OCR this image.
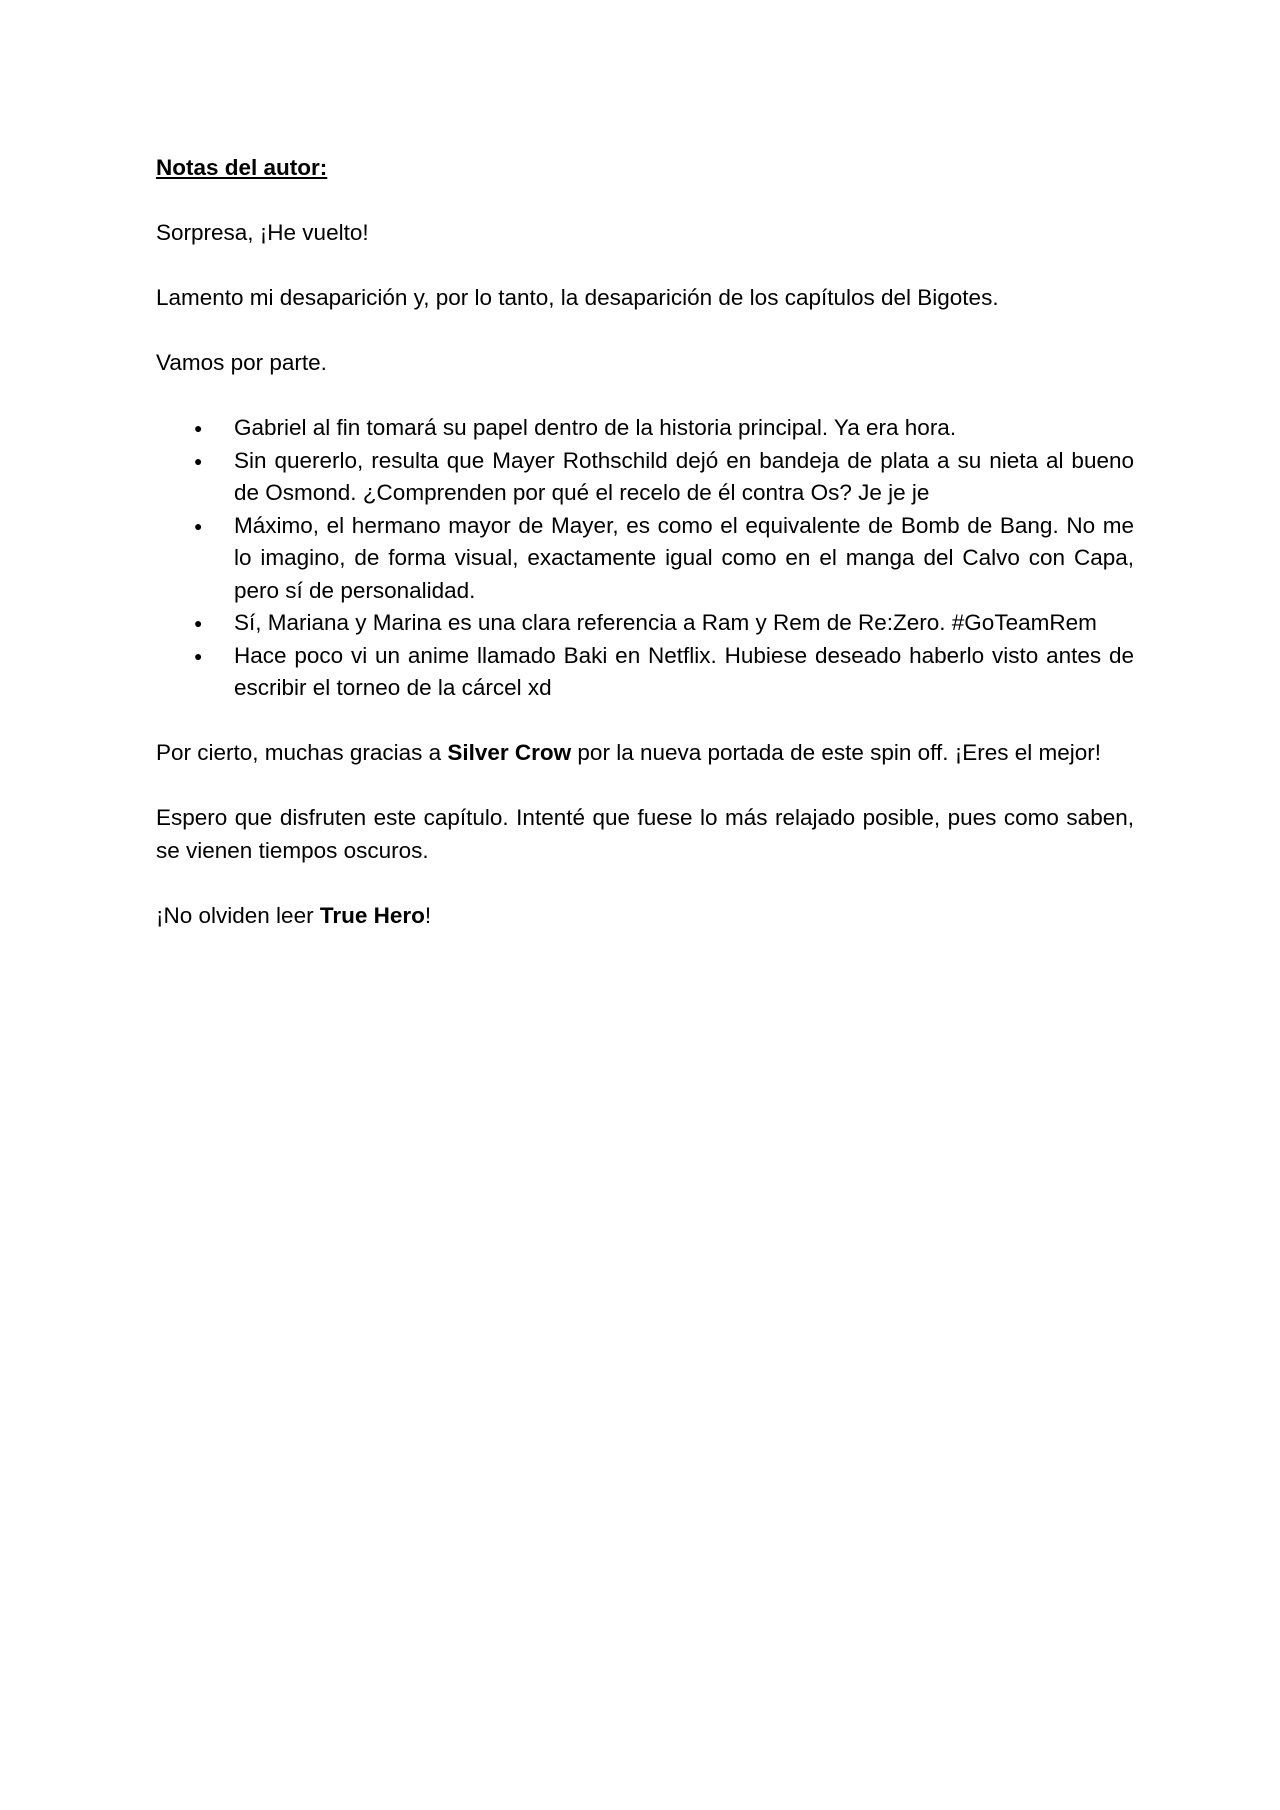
Notas del autor:

Sorpresa, ¡He vuelto!

Lamento mi desaparición y, por lo tanto, la desaparición de los capítulos del Bigotes.

Vamos por parte.

● Gabriel al fin tomará su papel dentro de la historia principal. Ya era hora.
● Sin quererlo, resulta que Mayer Rothschild dejó en bandeja de plata a su nieta al bueno de Osmond. ¿Comprenden por qué el recelo de él contra Os? Je je je
● Máximo, el hermano mayor de Mayer, es como el equivalente de Bomb de Bang. No me lo imagino, de forma visual, exactamente igual como en el manga del Calvo con Capa, pero sí de personalidad.
● Sí, Mariana y Marina es una clara referencia a Ram y Rem de Re:Zero. #GoTeamRem
● Hace poco vi un anime llamado Baki en Netflix. Hubiese deseado haberlo visto antes de escribir el torneo de la cárcel xd

Por cierto, muchas gracias a Silver Crow por la nueva portada de este spin off. ¡Eres el mejor!

Espero que disfruten este capítulo. Intenté que fuese lo más relajado posible, pues como saben, se vienen tiempos oscuros.

¡No olviden leer True Hero!
